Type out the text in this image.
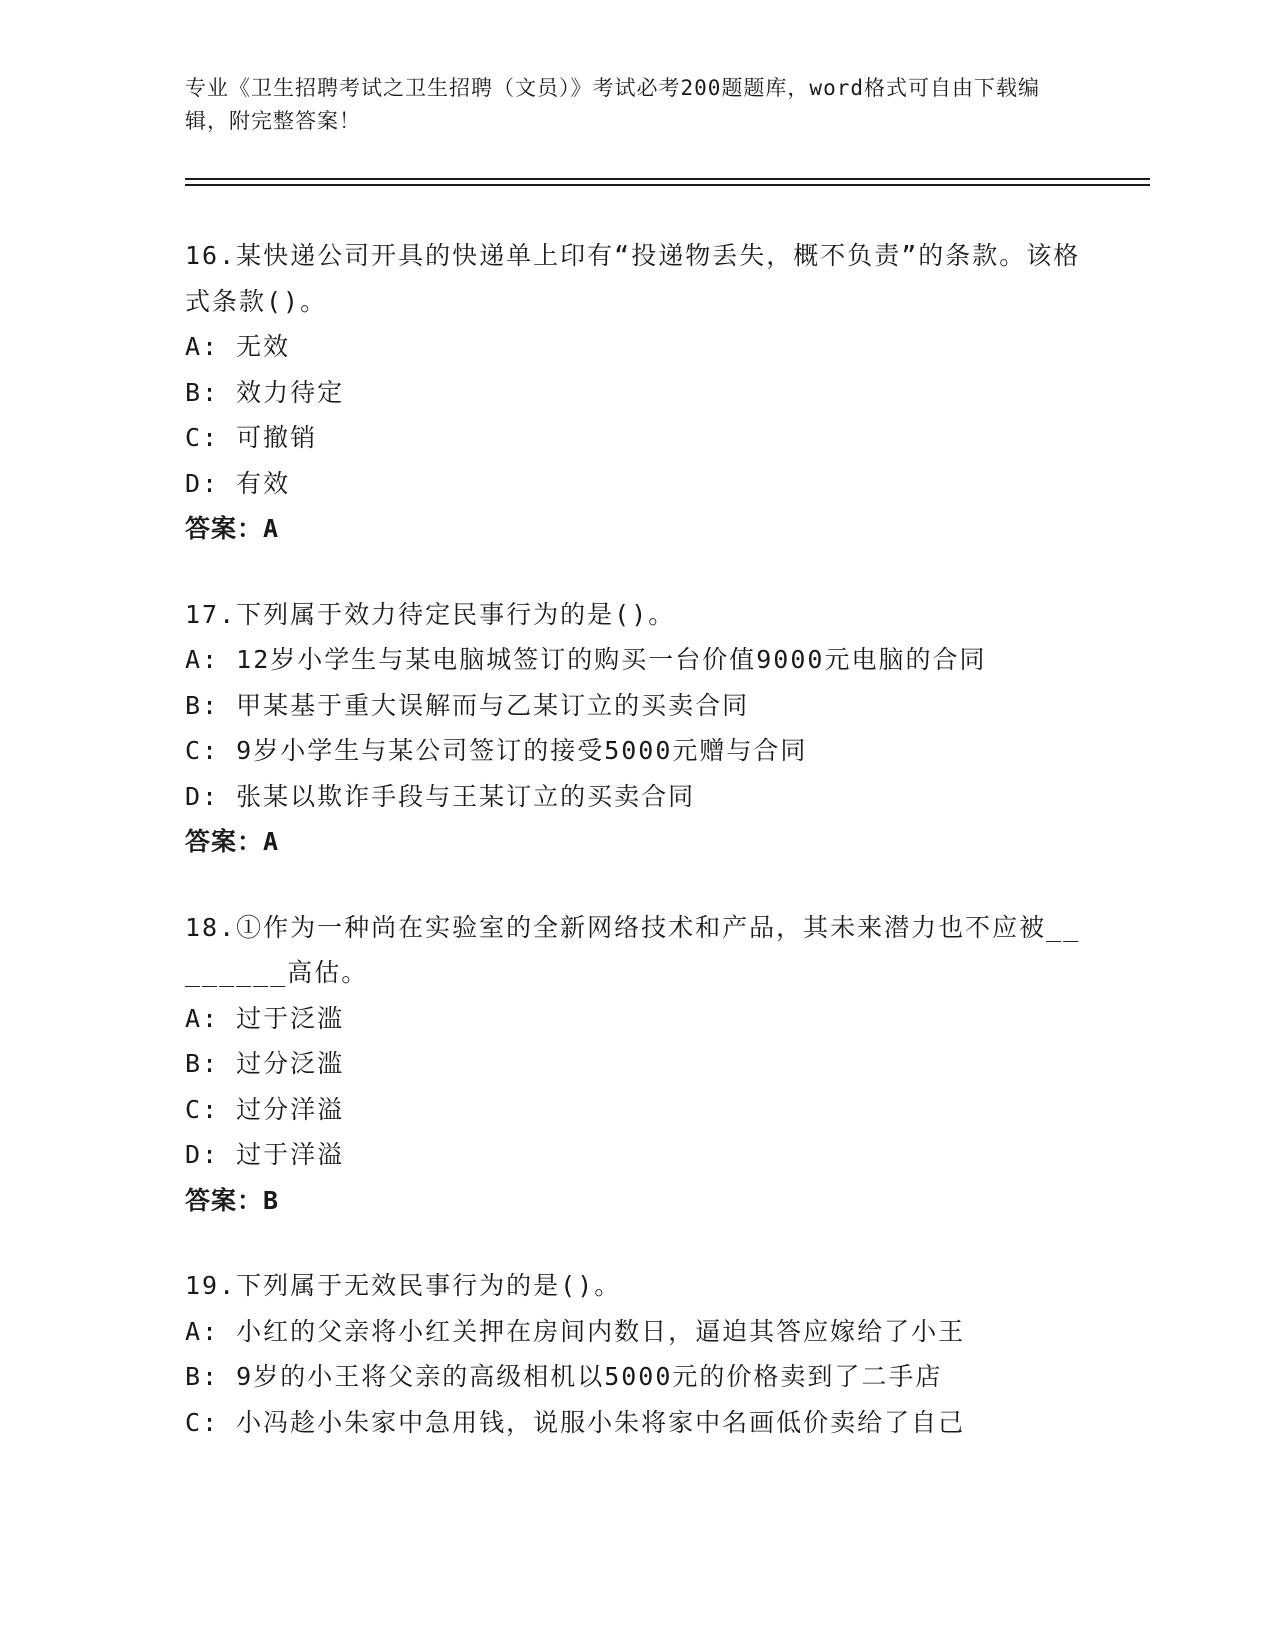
专业《卫生招聘考试之卫生招聘（文员）》考试必考200题题库，word格式可自由下载编辑，附完整答案！
16.某快递公司开具的快递单上印有“投递物丢失，概不负责”的条款。该格式条款()。
A: 无效
B: 效力待定
C: 可撤销
D: 有效
答案：A
17.下列属于效力待定民事行为的是()。
A: 12岁小学生与某电脑城签订的购买一台价值9000元电脑的合同
B: 甲某基于重大误解而与乙某订立的买卖合同
C: 9岁小学生与某公司签订的接受5000元赠与合同
D: 张某以欺诈手段与王某订立的买卖合同
答案：A
18.①作为一种尚在实验室的全新网络技术和产品，其未来潜力也不应被________高估。
A: 过于泛滥
B: 过分泛滥
C: 过分洋溢
D: 过于洋溢
答案：B
19.下列属于无效民事行为的是()。
A: 小红的父亲将小红关押在房间内数日，逼迫其答应嫁给了小王
B: 9岁的小王将父亲的高级相机以5000元的价格卖到了二手店
C: 小冯趁小朱家中急用钱，说服小朱将家中名画低价卖给了自己
